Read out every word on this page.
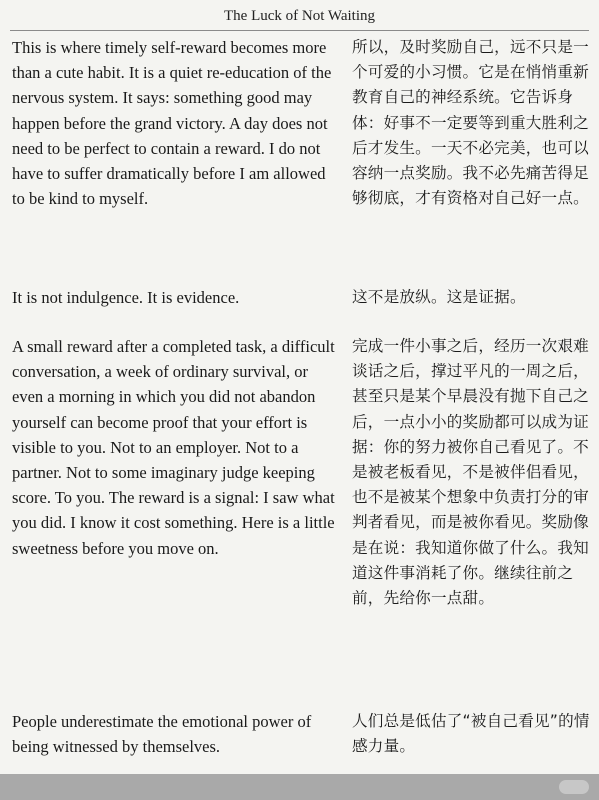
The Luck of Not Waiting

This is where timely self-reward becomes more than a cute habit. It is a quiet re-education of the nervous system. It says: something good may happen before the grand victory. A day does not need to be perfect to contain a reward. I do not have to suffer dramatically before I am allowed to be kind to myself.

所以，及时奖励自己，远不只是一个可爱的小习惯。它是在悄悄重新教育自己的神经系统。它告诉身体：好事不一定要等到重大胜利之后才发生。一天不必完美，也可以容纳一点奖励。我不必先痛苦得足够彻底，才有资格对自己好一点。

It is not indulgence. It is evidence.	这不是放纵。这是证据。

A small reward after a completed task, a difficult conversation, a week of ordinary survival, or even a morning in which you did not abandon yourself can become proof that your effort is visible to you. Not to an employer. Not to a partner. Not to some imaginary judge keeping score. To you. The reward is a signal: I saw what you did. I know it cost something. Here is a little sweetness before you move on.

完成一件小事之后，经历一次艰难谈话之后，撑过平凡的一周之后，甚至只是某个早晨没有抛下自己之后，一点小小的奖励都可以成为证据：你的努力被你自己看见了。不是被老板看见，不是被伴侣看见，也不是被某个想象中负责打分的审判者看见，而是被你看见。奖励像是在说：我知道你做了什么。我知道这件事消耗了你。继续往前之前，先给你一点甜。

People underestimate the emotional power of being witnessed by themselves.

人们总是低估了“被自己看见”的情感力量。
